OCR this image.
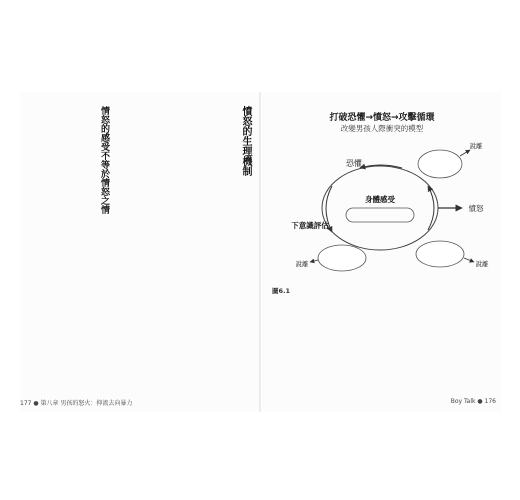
憤怒的生理機制
情怒的感受不等於情怒之情
177 ● 第八章 男孩的怒火：抑流去向暴力
打破恐懼→憤怒→攻擊循環
改變男孩人際衝突的模型
恐懼
下意識評估
身體感受
憤怒
說離
說離	說離
圖6.1
Boy Talk ● 176
